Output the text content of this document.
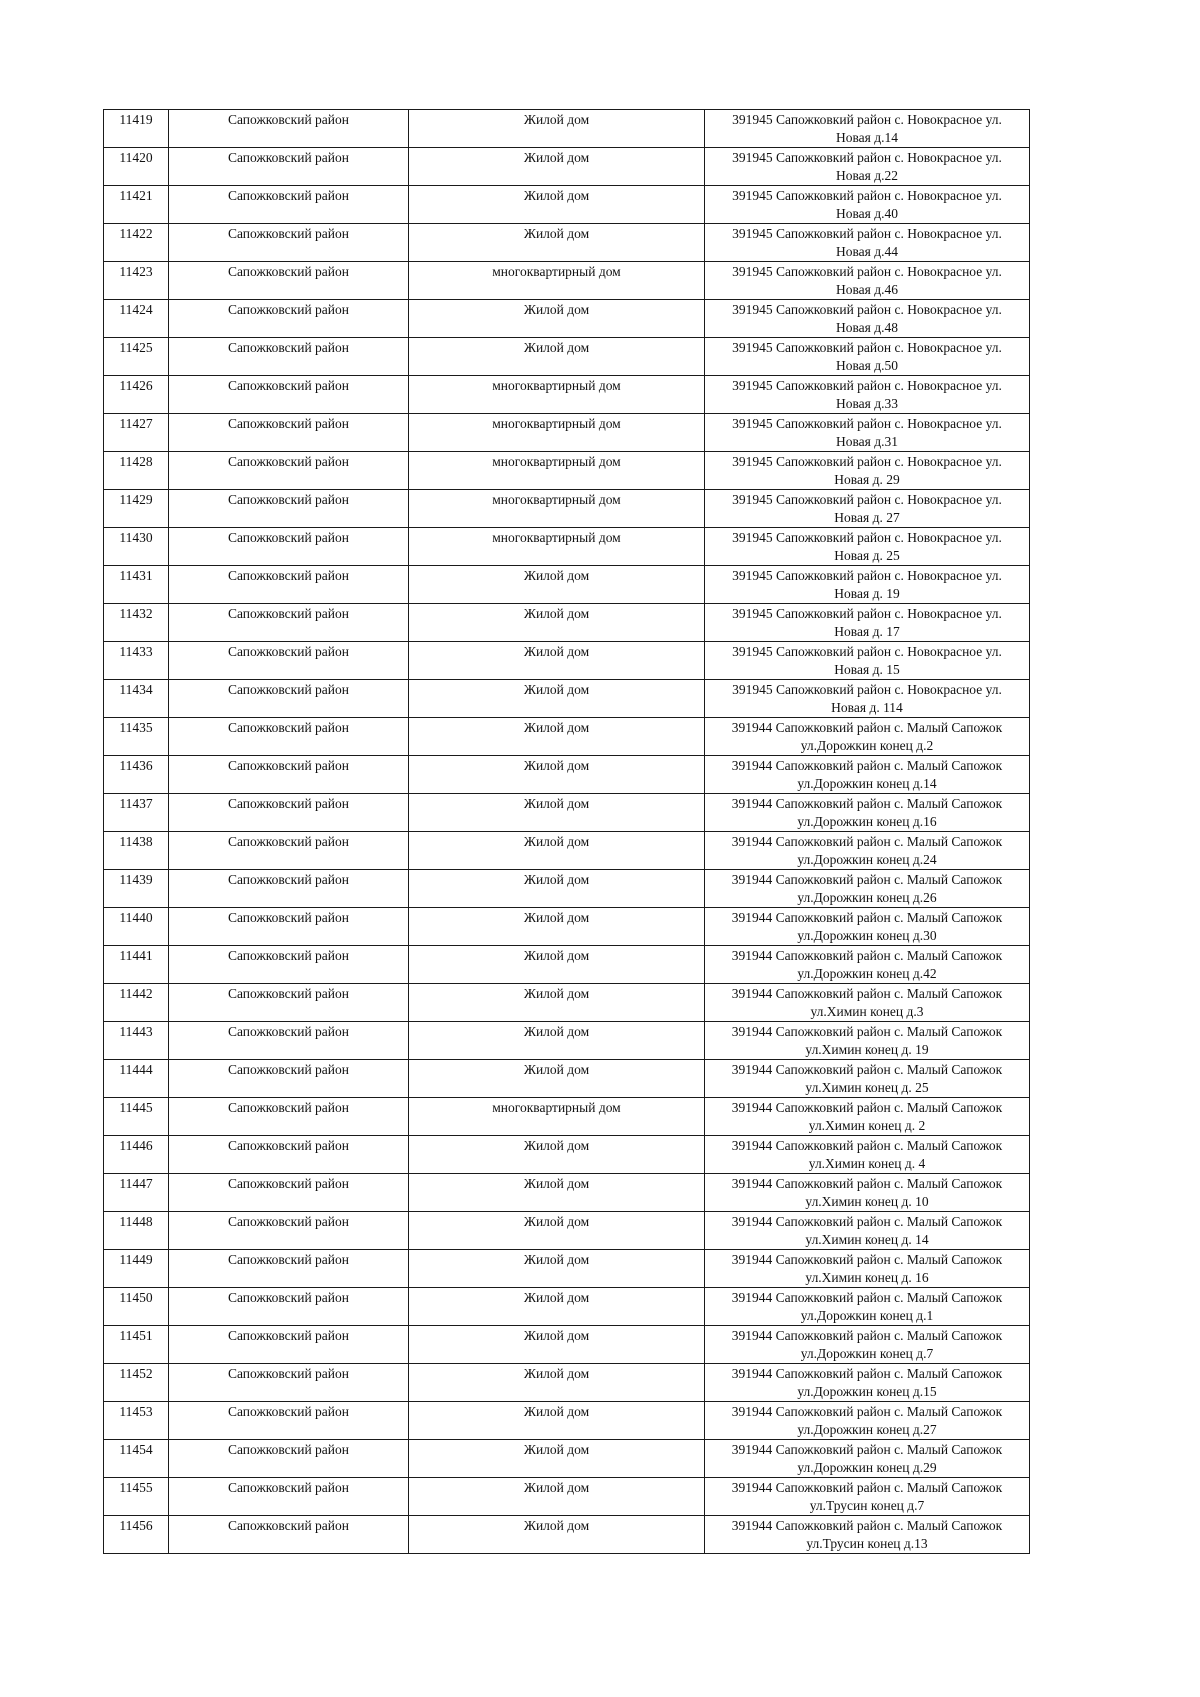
11419	Сапожковский район	Жилой дом	391945 Сапожковкий район с. Новокрасное ул.
Новая д.14
11420	Сапожковский район	Жилой дом	391945 Сапожковкий район с. Новокрасное ул.
Новая д.22
11421	Сапожковский район	Жилой дом	391945 Сапожковкий район с. Новокрасное ул.
Новая д.40
11422	Сапожковский район	Жилой дом	391945 Сапожковкий район с. Новокрасное ул.
Новая д.44
11423	Сапожковский район	многоквартирный дом	391945 Сапожковкий район с. Новокрасное ул.
Новая д.46
11424	Сапожковский район	Жилой дом	391945 Сапожковкий район с. Новокрасное ул.
Новая д.48
11425	Сапожковский район	Жилой дом	391945 Сапожковкий район с. Новокрасное ул.
Новая д.50
11426	Сапожковский район	многоквартирный дом	391945 Сапожковкий район с. Новокрасное ул.
Новая д.33
11427	Сапожковский район	многоквартирный дом	391945 Сапожковкий район с. Новокрасное ул.
Новая д.31
11428	Сапожковский район	многоквартирный дом	391945 Сапожковкий район с. Новокрасное ул.
Новая д. 29
11429	Сапожковский район	многоквартирный дом	391945 Сапожковкий район с. Новокрасное ул.
Новая д. 27
11430	Сапожковский район	многоквартирный дом	391945 Сапожковкий район с. Новокрасное ул.
Новая д. 25
11431	Сапожковский район	Жилой дом	391945 Сапожковкий район с. Новокрасное ул.
Новая д. 19
11432	Сапожковский район	Жилой дом	391945 Сапожковкий район с. Новокрасное ул.
Новая д. 17
11433	Сапожковский район	Жилой дом	391945 Сапожковкий район с. Новокрасное ул.
Новая д. 15
11434	Сапожковский район	Жилой дом	391945 Сапожковкий район с. Новокрасное ул.
Новая д. 114
11435	Сапожковский район	Жилой дом	391944 Сапожковкий район с. Малый Сапожок
ул.Дорожкин конец д.2
11436	Сапожковский район	Жилой дом	391944 Сапожковкий район с. Малый Сапожок
ул.Дорожкин конец д.14
11437	Сапожковский район	Жилой дом	391944 Сапожковкий район с. Малый Сапожок
ул.Дорожкин конец д.16
11438	Сапожковский район	Жилой дом	391944 Сапожковкий район с. Малый Сапожок
ул.Дорожкин конец д.24
11439	Сапожковский район	Жилой дом	391944 Сапожковкий район с. Малый Сапожок
ул.Дорожкин конец д.26
11440	Сапожковский район	Жилой дом	391944 Сапожковкий район с. Малый Сапожок
ул.Дорожкин конец д.30
11441	Сапожковский район	Жилой дом	391944 Сапожковкий район с. Малый Сапожок
ул.Дорожкин конец д.42
11442	Сапожковский район	Жилой дом	391944 Сапожковкий район с. Малый Сапожок
ул.Химин конец д.3
11443	Сапожковский район	Жилой дом	391944 Сапожковкий район с. Малый Сапожок
ул.Химин конец д. 19
11444	Сапожковский район	Жилой дом	391944 Сапожковкий район с. Малый Сапожок
ул.Химин конец д. 25
11445	Сапожковский район	многоквартирный дом	391944 Сапожковкий район с. Малый Сапожок
ул.Химин конец д. 2
11446	Сапожковский район	Жилой дом	391944 Сапожковкий район с. Малый Сапожок
ул.Химин конец д. 4
11447	Сапожковский район	Жилой дом	391944 Сапожковкий район с. Малый Сапожок
ул.Химин конец д. 10
11448	Сапожковский район	Жилой дом	391944 Сапожковкий район с. Малый Сапожок
ул.Химин конец д. 14
11449	Сапожковский район	Жилой дом	391944 Сапожковкий район с. Малый Сапожок
ул.Химин конец д. 16
11450	Сапожковский район	Жилой дом	391944 Сапожковкий район с. Малый Сапожок
ул.Дорожкин конец д.1
11451	Сапожковский район	Жилой дом	391944 Сапожковкий район с. Малый Сапожок
ул.Дорожкин конец д.7
11452	Сапожковский район	Жилой дом	391944 Сапожковкий район с. Малый Сапожок
ул.Дорожкин конец д.15
11453	Сапожковский район	Жилой дом	391944 Сапожковкий район с. Малый Сапожок
ул.Дорожкин конец д.27
11454	Сапожковский район	Жилой дом	391944 Сапожковкий район с. Малый Сапожок
ул.Дорожкин конец д.29
11455	Сапожковский район	Жилой дом	391944 Сапожковкий район с. Малый Сапожок
ул.Трусин конец д.7
11456	Сапожковский район	Жилой дом	391944 Сапожковкий район с. Малый Сапожок
ул.Трусин конец д.13
